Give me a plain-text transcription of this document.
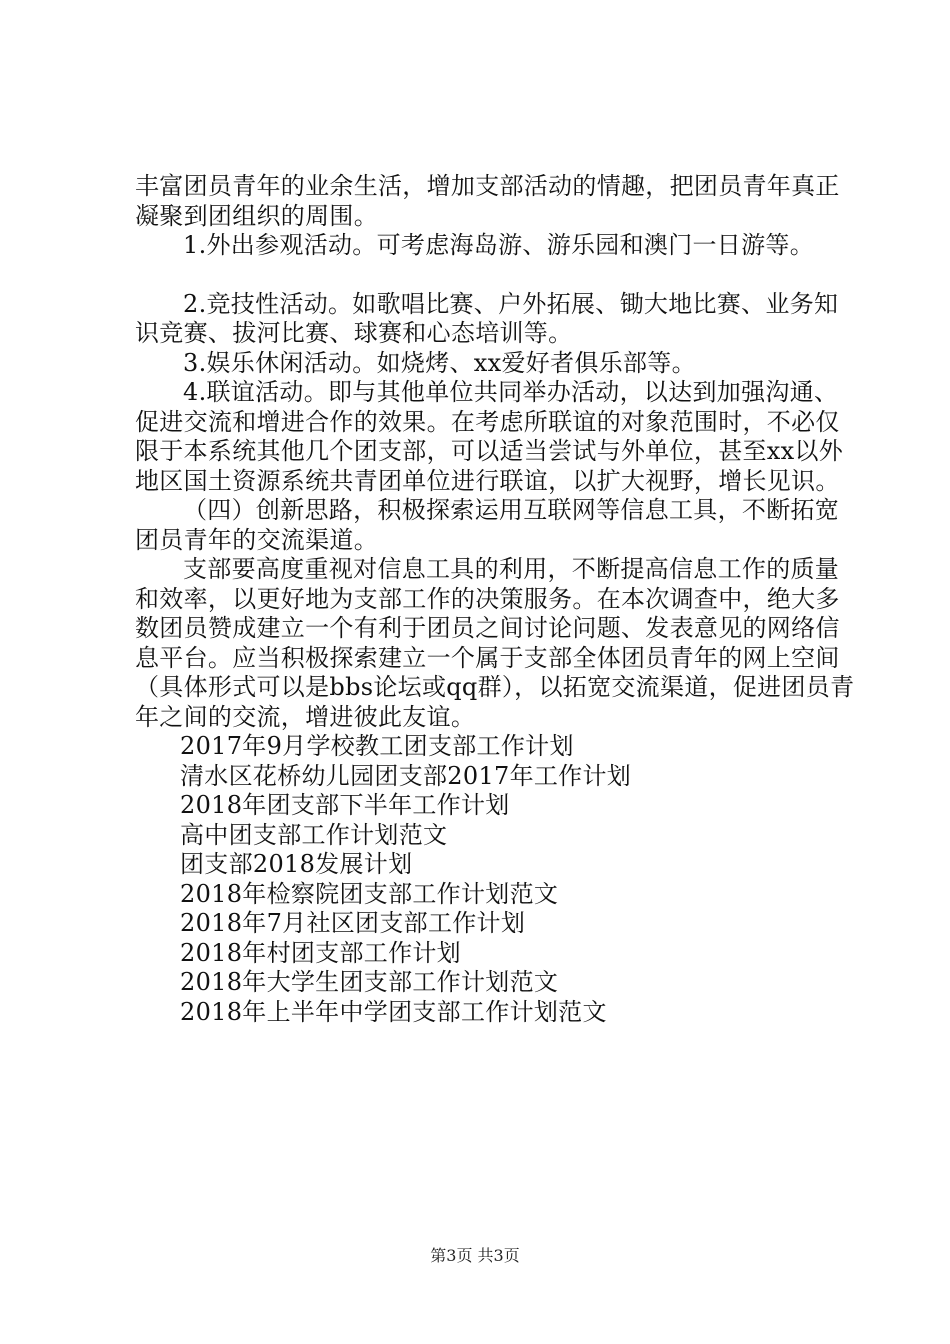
丰富团员青年的业余生活，增加支部活动的情趣，把团员青年真正凝聚到团组织的周围。

1.外出参观活动。可考虑海岛游、游乐园和澳门一日游等。

2.竞技性活动。如歌唱比赛、户外拓展、锄大地比赛、业务知识竞赛、拔河比赛、球赛和心态培训等。

3.娱乐休闲活动。如烧烤、xx爱好者俱乐部等。

4.联谊活动。即与其他单位共同举办活动，以达到加强沟通、促进交流和增进合作的效果。在考虑所联谊的对象范围时，不必仅限于本系统其他几个团支部，可以适当尝试与外单位，甚至xx以外地区国土资源系统共青团单位进行联谊，以扩大视野，增长见识。

（四）创新思路，积极探索运用互联网等信息工具，不断拓宽团员青年的交流渠道。

支部要高度重视对信息工具的利用，不断提高信息工作的质量和效率，以更好地为支部工作的决策服务。在本次调查中，绝大多数团员赞成建立一个有利于团员之间讨论问题、发表意见的网络信息平台。应当积极探索建立一个属于支部全体团员青年的网上空间（具体形式可以是bbs论坛或qq群），以拓宽交流渠道，促进团员青年之间的交流，增进彼此友谊。

2017年9月学校教工团支部工作计划
清水区花桥幼儿园团支部2017年工作计划
2018年团支部下半年工作计划
高中团支部工作计划范文
团支部2018发展计划
2018年检察院团支部工作计划范文
2018年7月社区团支部工作计划
2018年村团支部工作计划
2018年大学生团支部工作计划范文
2018年上半年中学团支部工作计划范文
第3页 共3页
